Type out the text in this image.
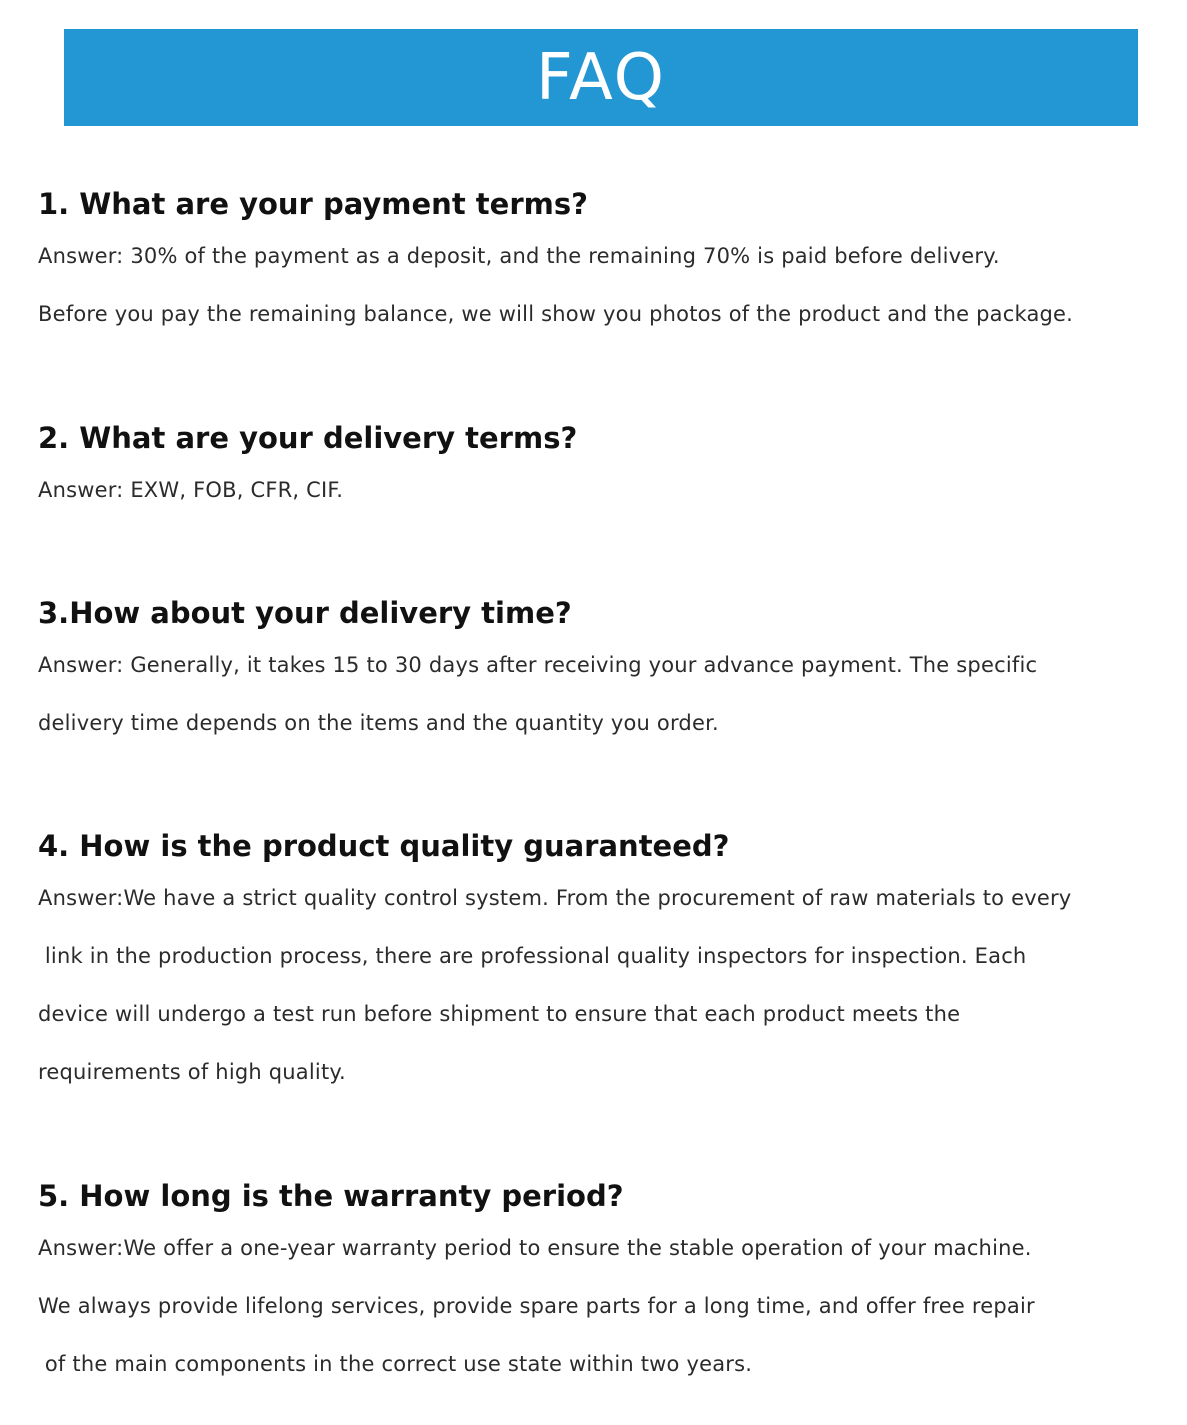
FAQ
1. What are your payment terms?

Answer: 30% of the payment as a deposit, and the remaining 70% is paid before delivery.

Before you pay the remaining balance, we will show you photos of the product and the package.

2. What are your delivery terms?

Answer: EXW, FOB, CFR, CIF.

3.How about your delivery time?

Answer: Generally, it takes 15 to 30 days after receiving your advance payment. The specific

delivery time depends on the items and the quantity you order.

4. How is the product quality guaranteed?

Answer:We have a strict quality control system. From the procurement of raw materials to every

link in the production process, there are professional quality inspectors for inspection. Each

device will undergo a test run before shipment to ensure that each product meets the

requirements of high quality.

5. How long is the warranty period?

Answer:We offer a one-year warranty period to ensure the stable operation of your machine.

We always provide lifelong services, provide spare parts for a long time, and offer free repair

of the main components in the correct use state within two years.
